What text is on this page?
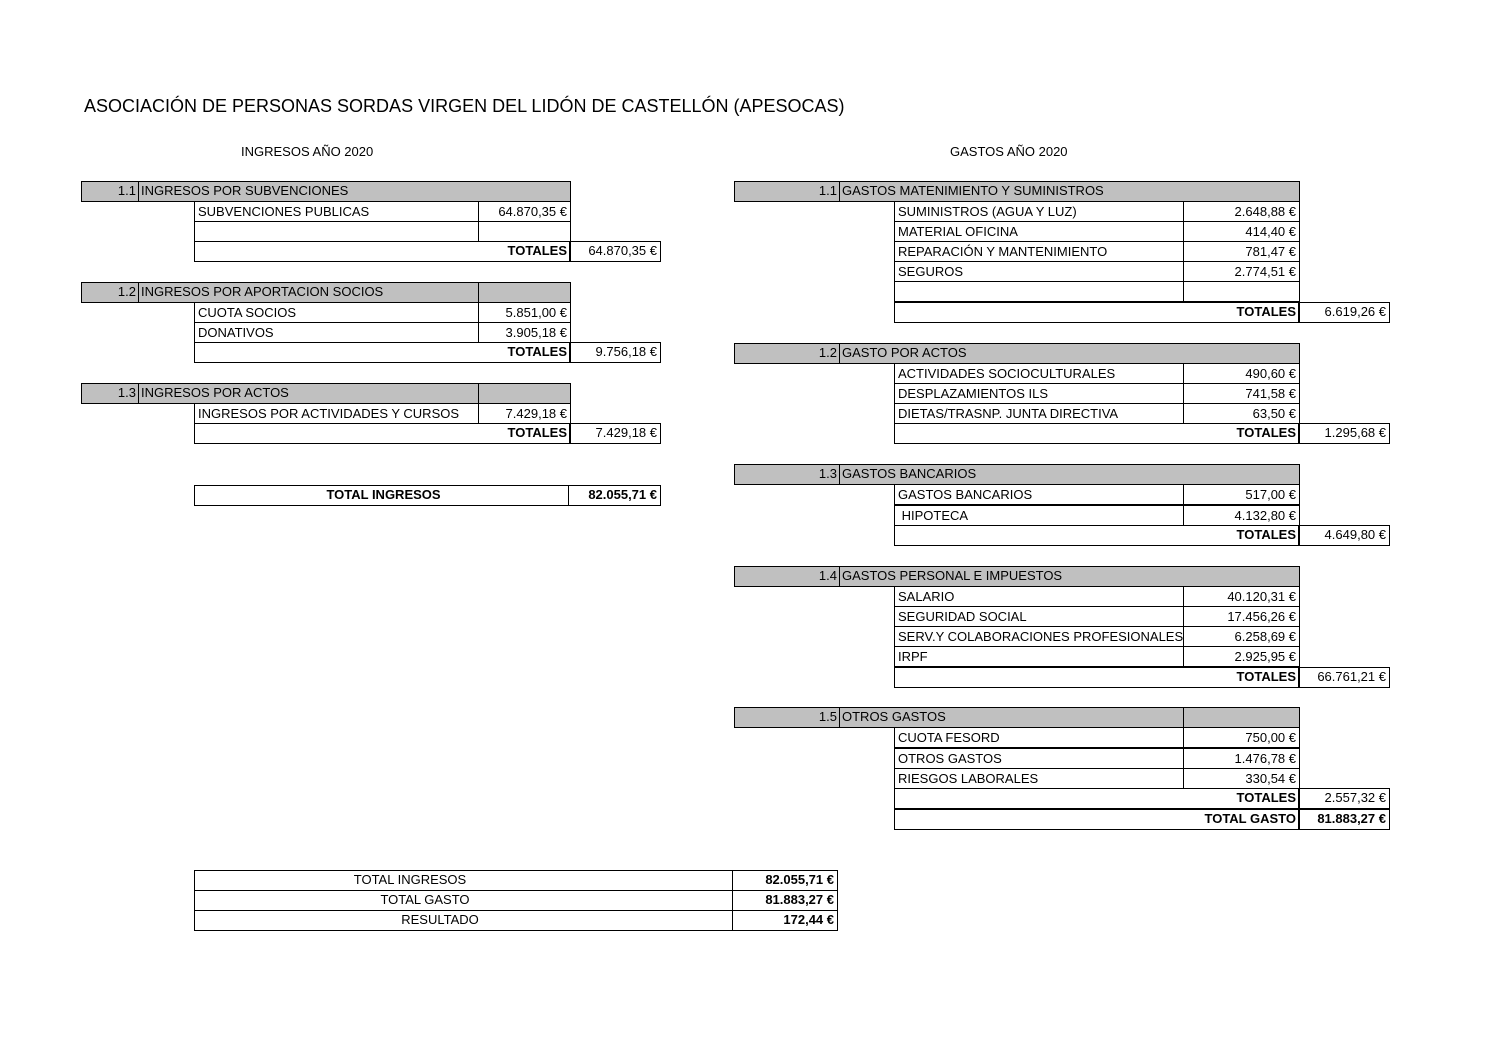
ASOCIACIÓN DE PERSONAS SORDAS VIRGEN DEL LIDÓN DE CASTELLÓN (APESOCAS)
INGRESOS AÑO 2020	GASTOS AÑO 2020
1.1 INGRESOS POR SUBVENCIONES
SUBVENCIONES PUBLICAS	64.870,35 €
TOTALES	64.870,35 €
1.2 INGRESOS POR APORTACION SOCIOS
CUOTA SOCIOS	5.851,00 €
DONATIVOS	3.905,18 €
TOTALES	9.756,18 €
1.3 INGRESOS POR ACTOS
INGRESOS POR ACTIVIDADES Y CURSOS	7.429,18 €
TOTALES	7.429,18 €
TOTAL INGRESOS	82.055,71 €
1.1 GASTOS MATENIMIENTO Y SUMINISTROS
SUMINISTROS (AGUA Y LUZ)	2.648,88 €
MATERIAL OFICINA	414,40 €
REPARACIÓN Y MANTENIMIENTO	781,47 €
SEGUROS	2.774,51 €
TOTALES	6.619,26 €
1.2 GASTO POR ACTOS
ACTIVIDADES SOCIOCULTURALES	490,60 €
DESPLAZAMIENTOS ILS	741,58 €
DIETAS/TRASNP. JUNTA DIRECTIVA	63,50 €
TOTALES	1.295,68 €
1.3 GASTOS BANCARIOS
GASTOS BANCARIOS	517,00 €
HIPOTECA	4.132,80 €
TOTALES	4.649,80 €
1.4 GASTOS PERSONAL E IMPUESTOS
SALARIO	40.120,31 €
SEGURIDAD SOCIAL	17.456,26 €
SERV.Y COLABORACIONES PROFESIONALES	6.258,69 €
IRPF	2.925,95 €
TOTALES	66.761,21 €
1.5 OTROS GASTOS
CUOTA FESORD	750,00 €
OTROS GASTOS	1.476,78 €
RIESGOS LABORALES	330,54 €
TOTALES	2.557,32 €
TOTAL GASTO	81.883,27 €
TOTAL INGRESOS	82.055,71 €
TOTAL GASTO	81.883,27 €
RESULTADO	172,44 €
